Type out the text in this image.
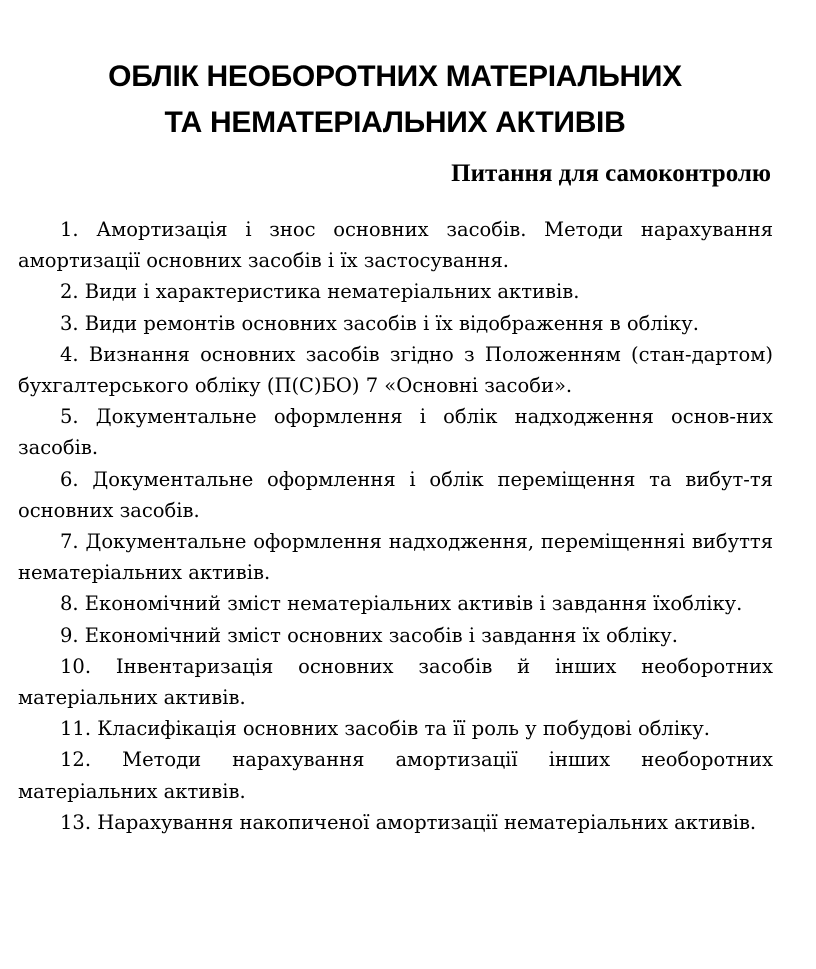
ОБЛІК НЕОБОРОТНИХ МАТЕРІАЛЬНИХ
ТА НЕМАТЕРІАЛЬНИХ АКТИВІВ
Питання для самоконтролю
1. Амортизація і знос основних засобів. Методи нарахування амортизації основних засобів і їх застосування.
2. Види і характеристика нематеріальних активів.
3. Види ремонтів основних засобів і їх відображення в обліку.
4. Визнання основних засобів згідно з Положенням (стан-дартом) бухгалтерського обліку (П(С)БО) 7 «Основні засоби».
5. Документальне оформлення і облік надходження основ-них засобів.
6. Документальне оформлення і облік переміщення та вибут-тя основних засобів.
7. Документальне оформлення надходження, переміщенняі вибуття нематеріальних активів.
8. Економічний зміст нематеріальних активів і завдання їхобліку.
9. Економічний зміст основних засобів і завдання їх обліку.
10. Інвентаризація основних засобів й інших необоротних матеріальних активів.
11. Класифікація основних засобів та її роль у побудові обліку.
12. Методи нарахування амортизації інших необоротних матеріальних активів.
13. Нарахування накопиченої амортизації нематеріальних активів.
